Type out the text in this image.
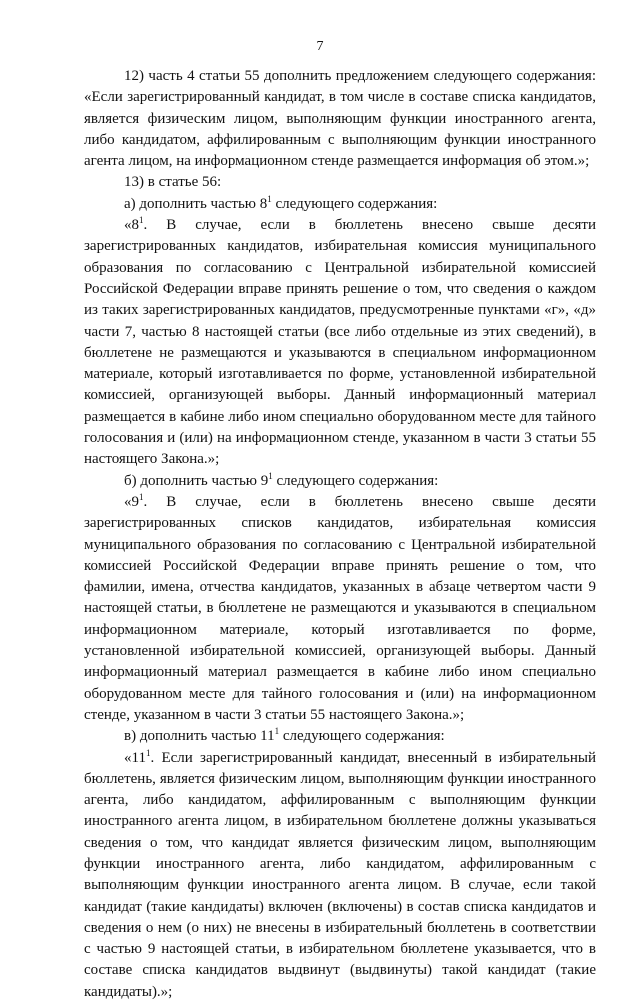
7

12) часть 4 статьи 55 дополнить предложением следующего содержания: «Если зарегистрированный кандидат, в том числе в составе списка кандидатов, является физическим лицом, выполняющим функции иностранного агента, либо кандидатом, аффилированным с выполняющим функции иностранного агента лицом, на информационном стенде размещается информация об этом.»;

13) в статье 56:

а) дополнить частью $8^1$ следующего содержания:

«$8^1$. В случае, если в бюллетень внесено свыше десяти зарегистрированных кандидатов, избирательная комиссия муниципального образования по согласованию с Центральной избирательной комиссией Российской Федерации вправе принять решение о том, что сведения о каждом из таких зарегистрированных кандидатов, предусмотренные пунктами «г», «д» части 7, частью 8 настоящей статьи (все либо отдельные из этих сведений), в бюллетене не размещаются и указываются в специальном информационном материале, который изготавливается по форме, установленной избирательной комиссией, организующей выборы. Данный информационный материал размещается в кабине либо ином специально оборудованном месте для тайного голосования и (или) на информационном стенде, указанном в части 3 статьи 55 настоящего Закона.»;

б) дополнить частью $9^1$ следующего содержания:

«$9^1$. В случае, если в бюллетень внесено свыше десяти зарегистрированных списков кандидатов, избирательная комиссия муниципального образования по согласованию с Центральной избирательной комиссией Российской Федерации вправе принять решение о том, что фамилии, имена, отчества кандидатов, указанных в абзаце четвертом части 9 настоящей статьи, в бюллетене не размещаются и указываются в специальном информационном материале, который изготавливается по форме, установленной избирательной комиссией, организующей выборы. Данный информационный материал размещается в кабине либо ином специально оборудованном месте для тайного голосования и (или) на информационном стенде, указанном в части 3 статьи 55 настоящего Закона.»;

в) дополнить частью $11^1$ следующего содержания:

«$11^1$. Если зарегистрированный кандидат, внесенный в избирательный бюллетень, является физическим лицом, выполняющим функции иностранного агента, либо кандидатом, аффилированным с выполняющим функции иностранного агента лицом, в избирательном бюллетене должны указываться сведения о том, что кандидат является физическим лицом, выполняющим функции иностранного агента, либо кандидатом, аффилированным с выполняющим функции иностранного агента лицом. В случае, если такой кандидат (такие кандидаты) включен (включены) в состав списка кандидатов и сведения о нем (о них) не внесены в избирательный бюллетень в соответствии с частью 9 настоящей статьи, в избирательном бюллетене указывается, что в составе списка кандидатов выдвинут (выдвинуты) такой кандидат (такие кандидаты).»;
